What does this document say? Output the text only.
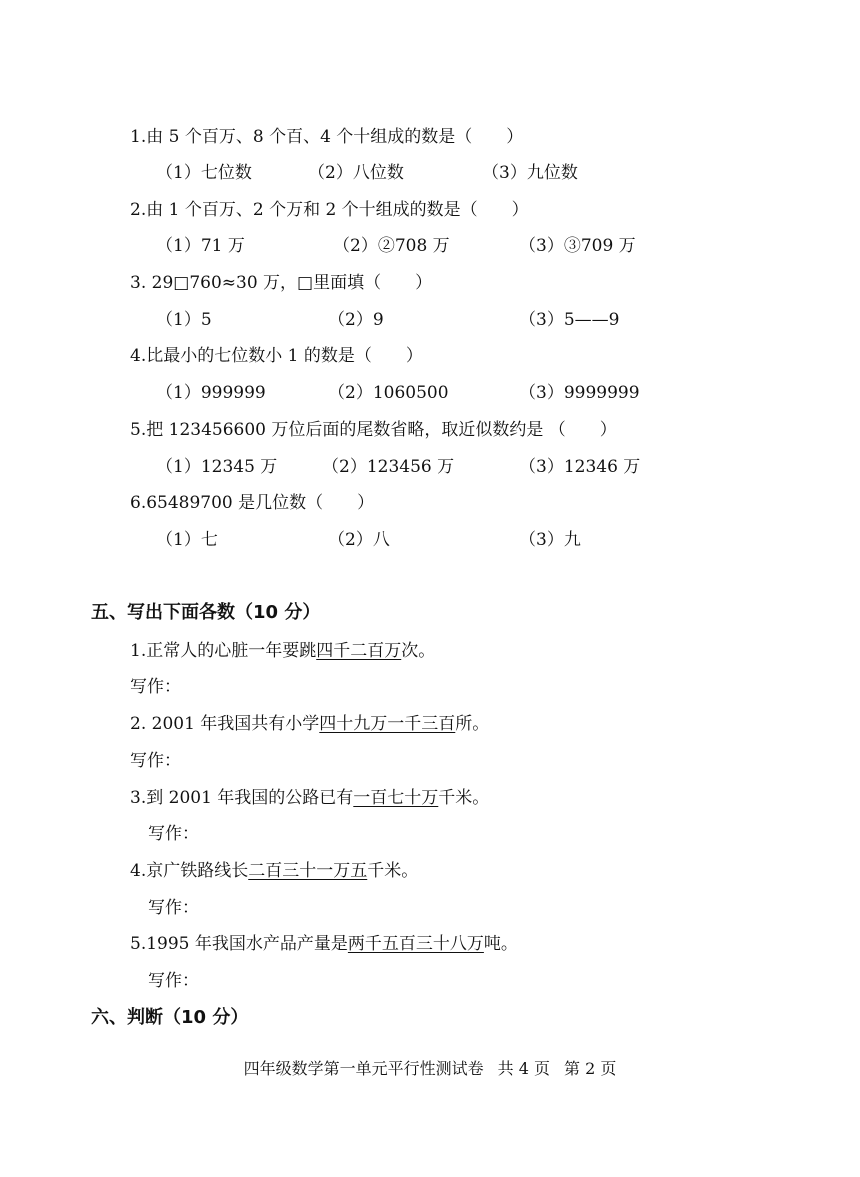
1.由 5 个百万、8 个百、4 个十组成的数是（　　）
（1）七位数	（2）八位数	（3）九位数
2.由 1 个百万、2 个万和 2 个十组成的数是（　　）
（1）71 万	（2）②708 万	（3）③709 万
3. 29□760≈30 万，□里面填（　　）
（1）5	（2）9	（3）5——9
4.比最小的七位数小 1 的数是（　　）
（1）999999	（2）1060500	（3）9999999
5.把 123456600 万位后面的尾数省略，取近似数约是 （　　）
（1）12345 万	（2）123456 万	（3）12346 万
6.65489700 是几位数（　　）
（1）七	（2）八	（3）九
五、写出下面各数（10 分）
1.正常人的心脏一年要跳四千二百万次。
写作：
2. 2001 年我国共有小学四十九万一千三百所。
写作：
3.到 2001 年我国的公路已有一百七十万千米。
写作：
4.京广铁路线长二百三十一万五千米。
写作：
5.1995 年我国水产品产量是两千五百三十八万吨。
写作：
六、判断（10 分）
四年级数学第一单元平行性测试卷 共 4 页 第 2 页
